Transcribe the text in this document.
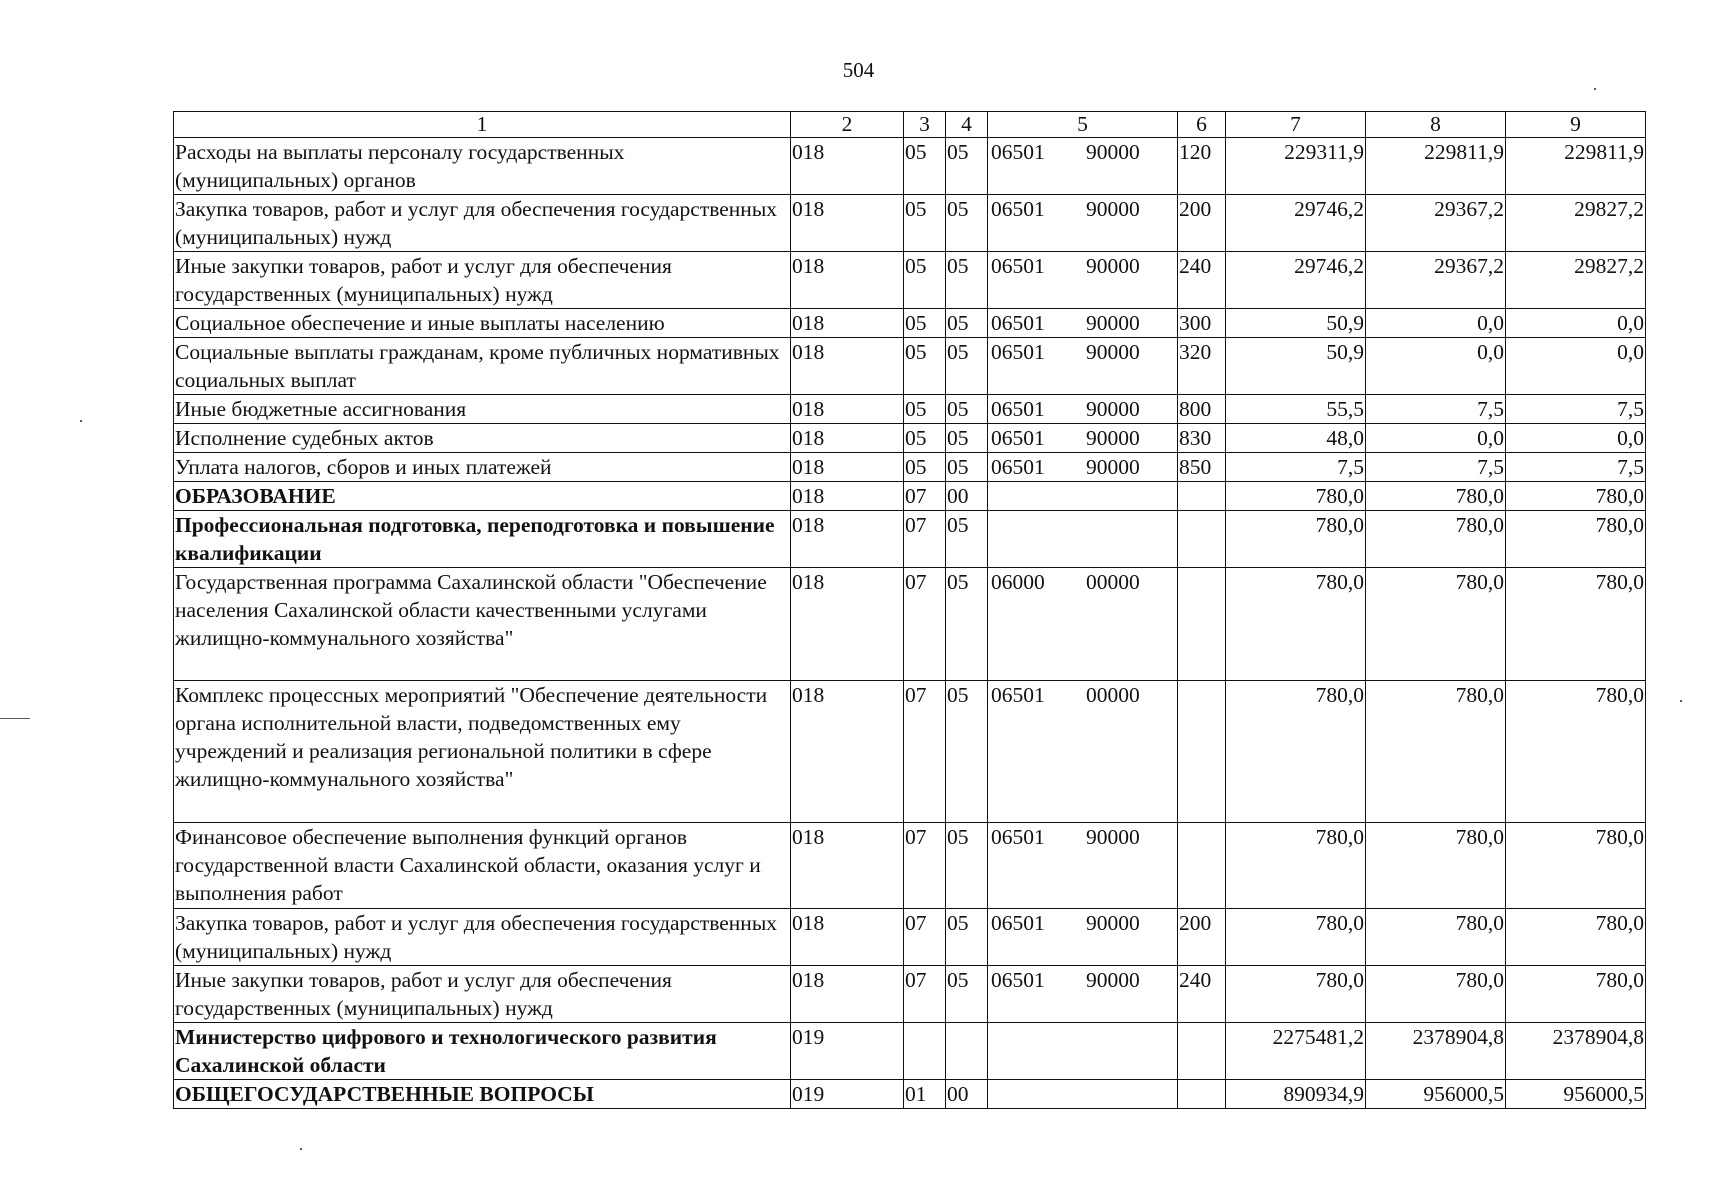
504
1	2	3	4	5	6	7	8	9
Расходы на выплаты персоналу государственных (муниципальных) органов	018	05	05	06501 90000	120	229311,9	229811,9	229811,9
Закупка товаров, работ и услуг для обеспечения государственных (муниципальных) нужд	018	05	05	06501 90000	200	29746,2	29367,2	29827,2
Иные закупки товаров, работ и услуг для обеспечения государственных (муниципальных) нужд	018	05	05	06501 90000	240	29746,2	29367,2	29827,2
Социальное обеспечение и иные выплаты населению	018	05	05	06501 90000	300	50,9	0,0	0,0
Социальные выплаты гражданам, кроме публичных нормативных социальных выплат	018	05	05	06501 90000	320	50,9	0,0	0,0
Иные бюджетные ассигнования	018	05	05	06501 90000	800	55,5	7,5	7,5
Исполнение судебных актов	018	05	05	06501 90000	830	48,0	0,0	0,0
Уплата налогов, сборов и иных платежей	018	05	05	06501 90000	850	7,5	7,5	7,5
ОБРАЗОВАНИЕ	018	07	00			780,0	780,0	780,0
Профессиональная подготовка, переподготовка и повышение квалификации	018	07	05			780,0	780,0	780,0
Государственная программа Сахалинской области "Обеспечение населения Сахалинской области качественными услугами жилищно-коммунального хозяйства"	018	07	05	06000 00000		780,0	780,0	780,0
Комплекс процессных мероприятий "Обеспечение деятельности органа исполнительной власти, подведомственных ему учреждений и реализация региональной политики в сфере жилищно-коммунального хозяйства"	018	07	05	06501 00000		780,0	780,0	780,0
Финансовое обеспечение выполнения функций органов государственной власти Сахалинской области, оказания услуг и выполнения работ	018	07	05	06501 90000		780,0	780,0	780,0
Закупка товаров, работ и услуг для обеспечения государственных (муниципальных) нужд	018	07	05	06501 90000	200	780,0	780,0	780,0
Иные закупки товаров, работ и услуг для обеспечения государственных (муниципальных) нужд	018	07	05	06501 90000	240	780,0	780,0	780,0
Министерство цифрового и технологического развития Сахалинской области	019					2275481,2	2378904,8	2378904,8
ОБЩЕГОСУДАРСТВЕННЫЕ ВОПРОСЫ	019	01	00			890934,9	956000,5	956000,5
